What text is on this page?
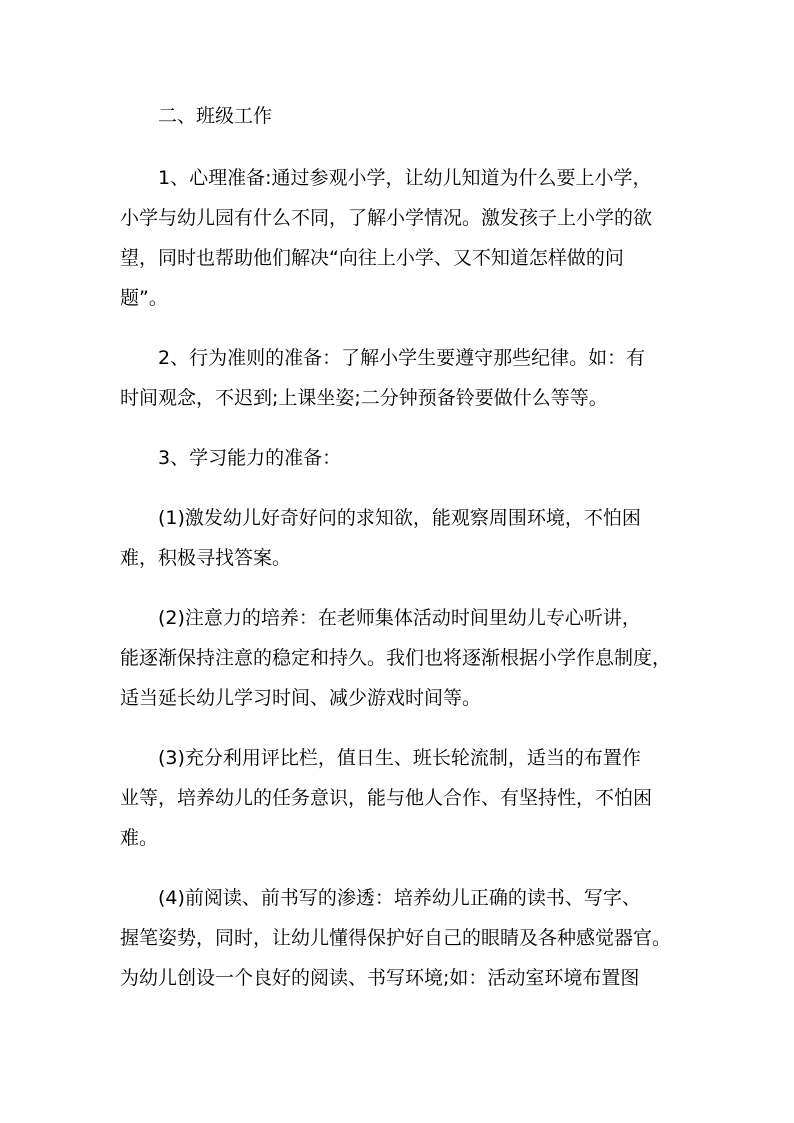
二、班级工作

1、心理准备:通过参观小学，让幼儿知道为什么要上小学，
小学与幼儿园有什么不同，了解小学情况。激发孩子上小学的欲
望，同时也帮助他们解决“向往上小学、又不知道怎样做的问
题”。
2、行为准则的准备：了解小学生要遵守那些纪律。如：有
时间观念，不迟到;上课坐姿;二分钟预备铃要做什么等等。
3、学习能力的准备：
(1)激发幼儿好奇好问的求知欲，能观察周围环境，不怕困
难，积极寻找答案。
(2)注意力的培养：在老师集体活动时间里幼儿专心听讲，
能逐渐保持注意的稳定和持久。我们也将逐渐根据小学作息制度，
适当延长幼儿学习时间、减少游戏时间等。
(3)充分利用评比栏，值日生、班长轮流制，适当的布置作
业等，培养幼儿的任务意识，能与他人合作、有坚持性，不怕困
难。
(4)前阅读、前书写的渗透：培养幼儿正确的读书、写字、
握笔姿势，同时，让幼儿懂得保护好自己的眼睛及各种感觉器官。
为幼儿创设一个良好的阅读、书写环境;如：活动室环境布置图
